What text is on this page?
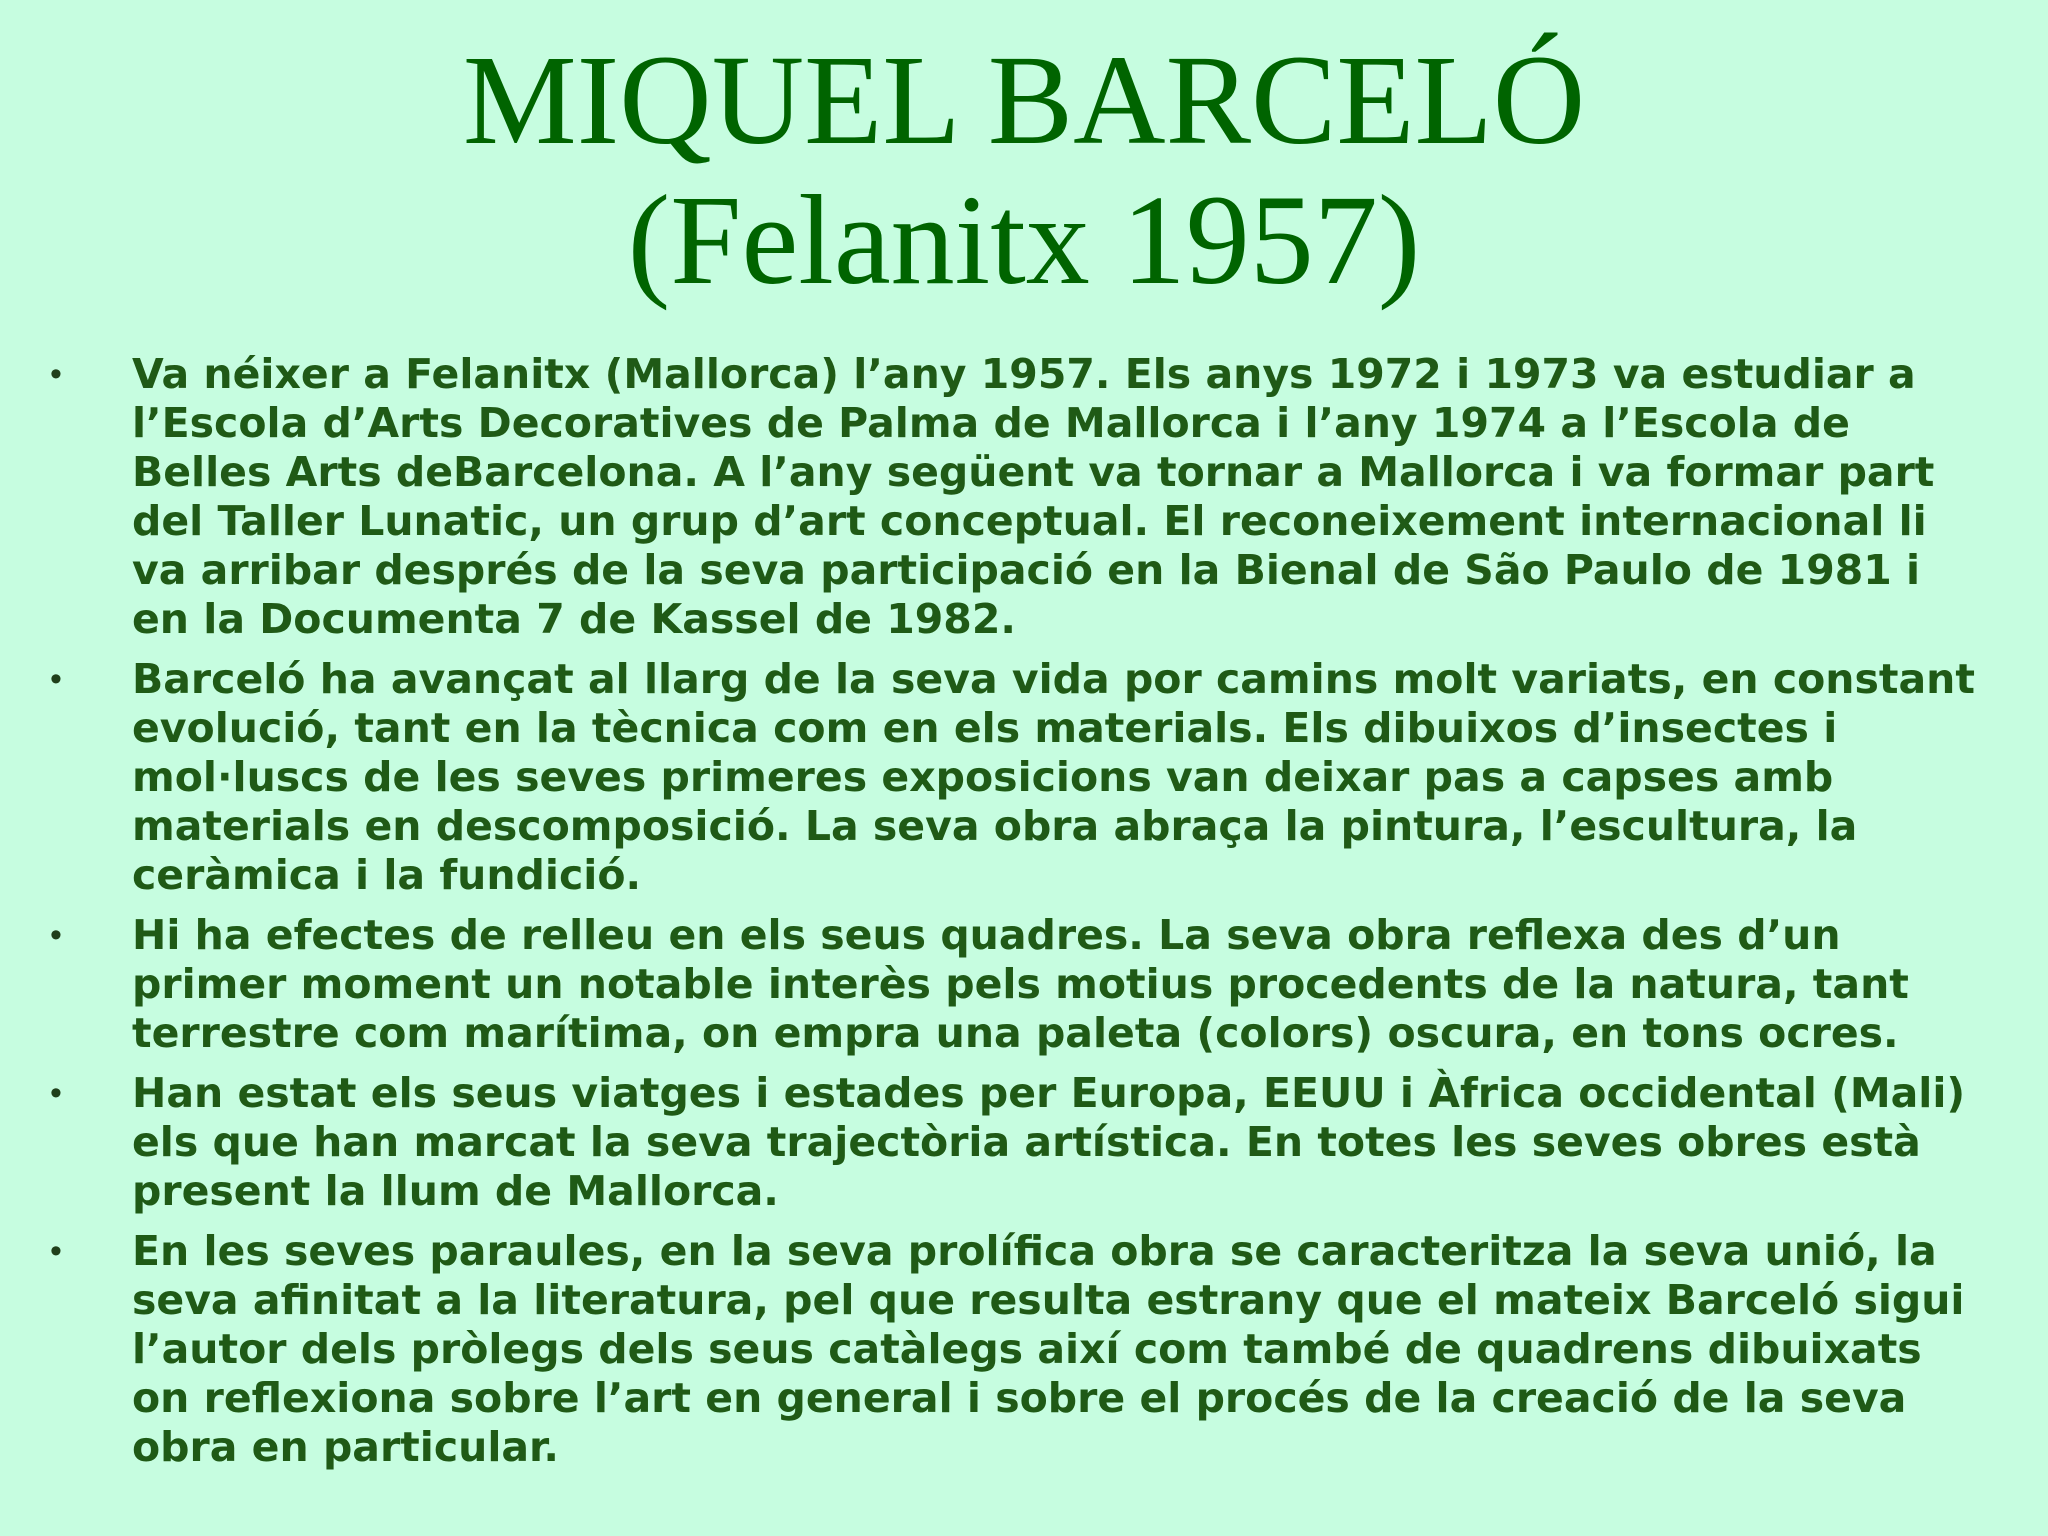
MIQUEL BARCELÓ
(Felanitx 1957)
•	Va néixer a Felanitx (Mallorca) l’any 1957. Els anys 1972 i 1973 va estudiar a l’Escola d’Arts Decoratives de Palma de Mallorca i l’any 1974 a l’Escola de Belles Arts deBarcelona. A l’any següent va tornar a Mallorca i va formar part del Taller Lunatic, un grup d’art conceptual. El reconeixement internacional li va arribar després de la seva participació en la Bienal de São Paulo de 1981 i en la Documenta 7 de Kassel de 1982.
•	Barceló ha avançat al llarg de la seva vida por camins molt variats, en constant evolució, tant en la tècnica com en els materials. Els dibuixos d’insectes i mol·luscs de les seves primeres exposicions van deixar pas a capses amb materials en descomposició. La seva obra abraça la pintura, l’escultura, la ceràmica i la fundició.
•	Hi ha efectes de relleu en els seus quadres. La seva obra reflexa des d’un primer moment un notable interès pels motius procedents de la natura, tant terrestre com marítima, on empra una paleta (colors) oscura, en tons ocres.
•	Han estat els seus viatges i estades per Europa, EEUU i Àfrica occidental (Mali) els que han marcat la seva trajectòria artística. En totes les seves obres està present la llum de Mallorca.
•	En les seves paraules, en la seva prolífica obra se caracteritza la seva unió, la seva afinitat a la literatura, pel que resulta estrany que el mateix Barceló sigui l’autor dels pròlegs dels seus catàlegs així com també de quadrens dibuixats on reflexiona sobre l’art en general i sobre el procés de la creació de la seva obra en particular.
